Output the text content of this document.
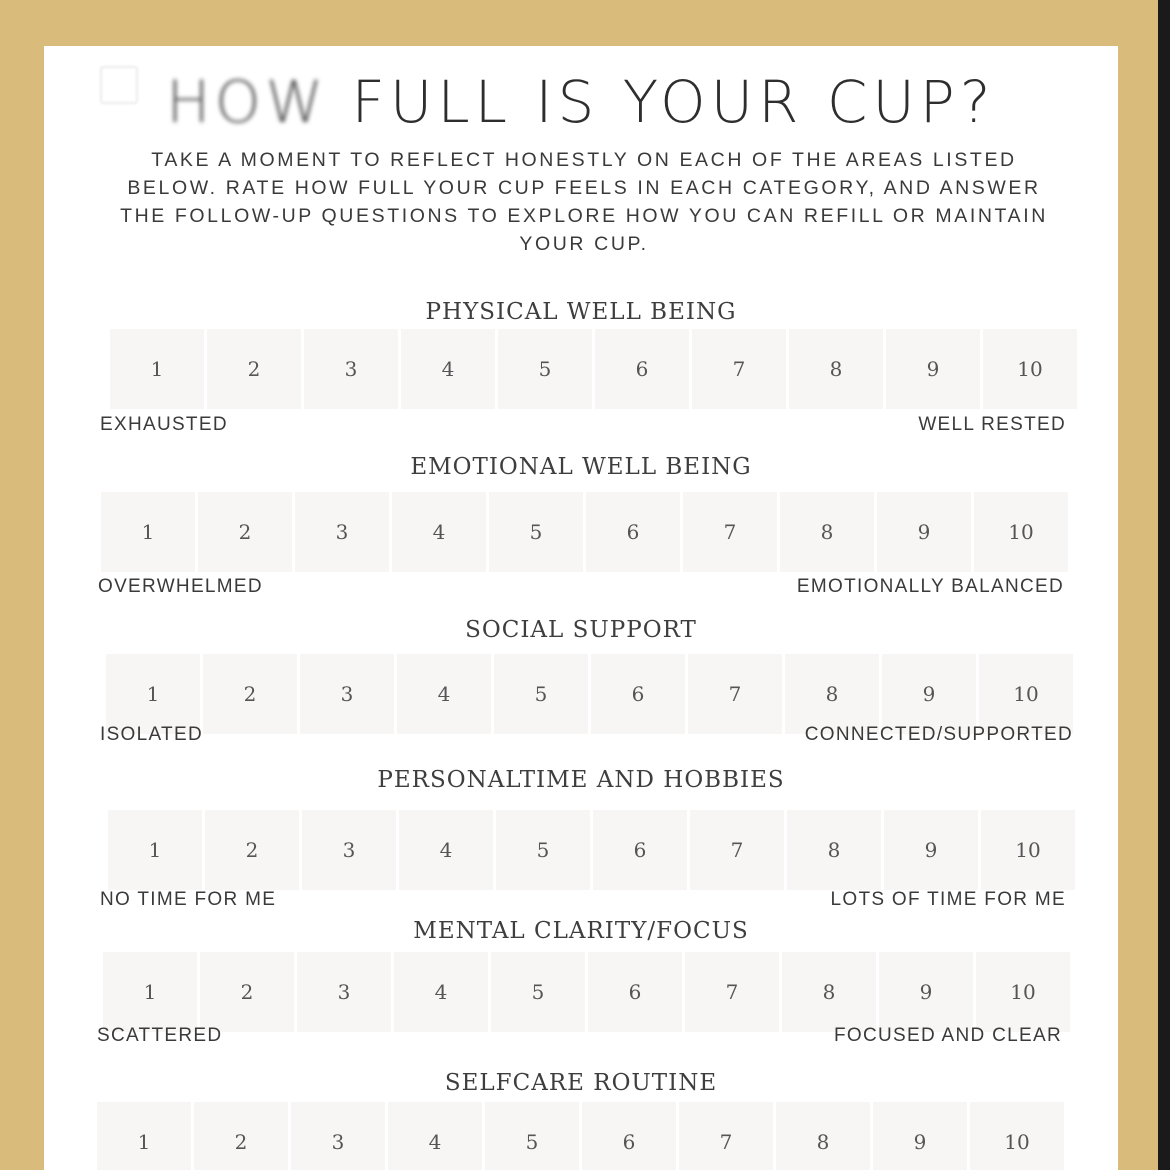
HOW FULL IS YOUR CUP?
TAKE A MOMENT TO REFLECT HONESTLY ON EACH OF THE AREAS LISTED BELOW. RATE HOW FULL YOUR CUP FEELS IN EACH CATEGORY, AND ANSWER THE FOLLOW-UP QUESTIONS TO EXPLORE HOW YOU CAN REFILL OR MAINTAIN YOUR CUP.
PHYSICAL WELL BEING
1	2	3	4	5	6	7	8	9	10
EXHAUSTED	WELL RESTED
EMOTIONAL WELL BEING
1	2	3	4	5	6	7	8	9	10
OVERWHELMED	EMOTIONALLY BALANCED
SOCIAL SUPPORT
1	2	3	4	5	6	7	8	9	10
ISOLATED	CONNECTED/SUPPORTED
PERSONALTIME AND HOBBIES
1	2	3	4	5	6	7	8	9	10
NO TIME FOR ME	LOTS OF TIME FOR ME
MENTAL CLARITY/FOCUS
1	2	3	4	5	6	7	8	9	10
SCATTERED	FOCUSED AND CLEAR
SELFCARE ROUTINE
1	2	3	4	5	6	7	8	9	10
